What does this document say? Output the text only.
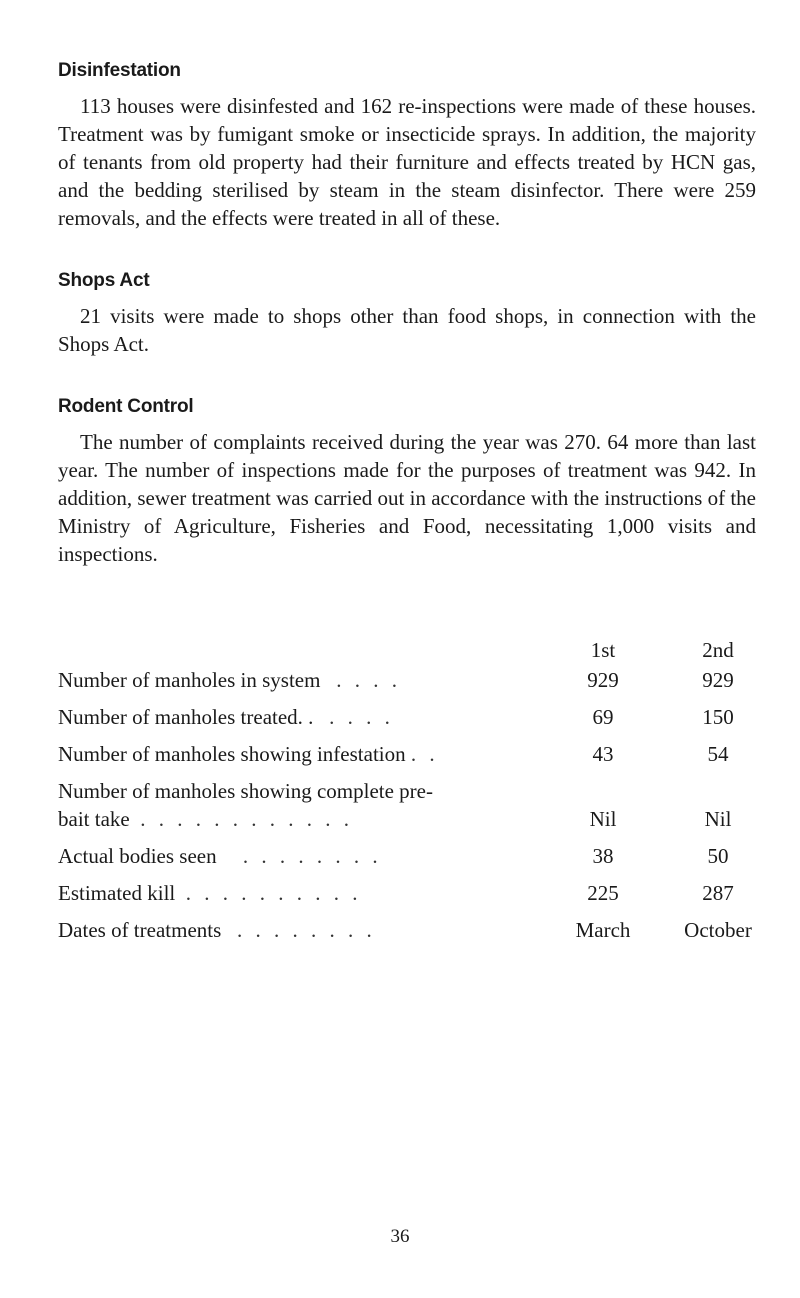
Disinfestation

113 houses were disinfested and 162 re-inspections were made of these houses. Treatment was by fumigant smoke or insecticide sprays. In addition, the majority of tenants from old property had their furniture and effects treated by HCN gas, and the bedding sterilised by steam in the steam disinfector. There were 259 removals, and the effects were treated in all of these.

Shops Act

21 visits were made to shops other than food shops, in connection with the Shops Act.

Rodent Control

The number of complaints received during the year was 270. 64 more than last year. The number of inspections made for the purposes of treatment was 942. In addition, sewer treatment was carried out in accordance with the instructions of the Ministry of Agriculture, Fisheries and Food, necessitating 1,000 visits and inspections.

	1st	2nd
Number of manholes in system . . . .	929	929
Number of manholes treated. . . . . .	69	150
Number of manholes showing infestation . .	43	54
Number of manholes showing complete pre-		
bait take . . . . . . . . . . . .	Nil	Nil
Actual bodies seen . . . . . . . .	38	50
Estimated kill . . . . . . . . . .	225	287
Dates of treatments . . . . . . . .	March	October
36
